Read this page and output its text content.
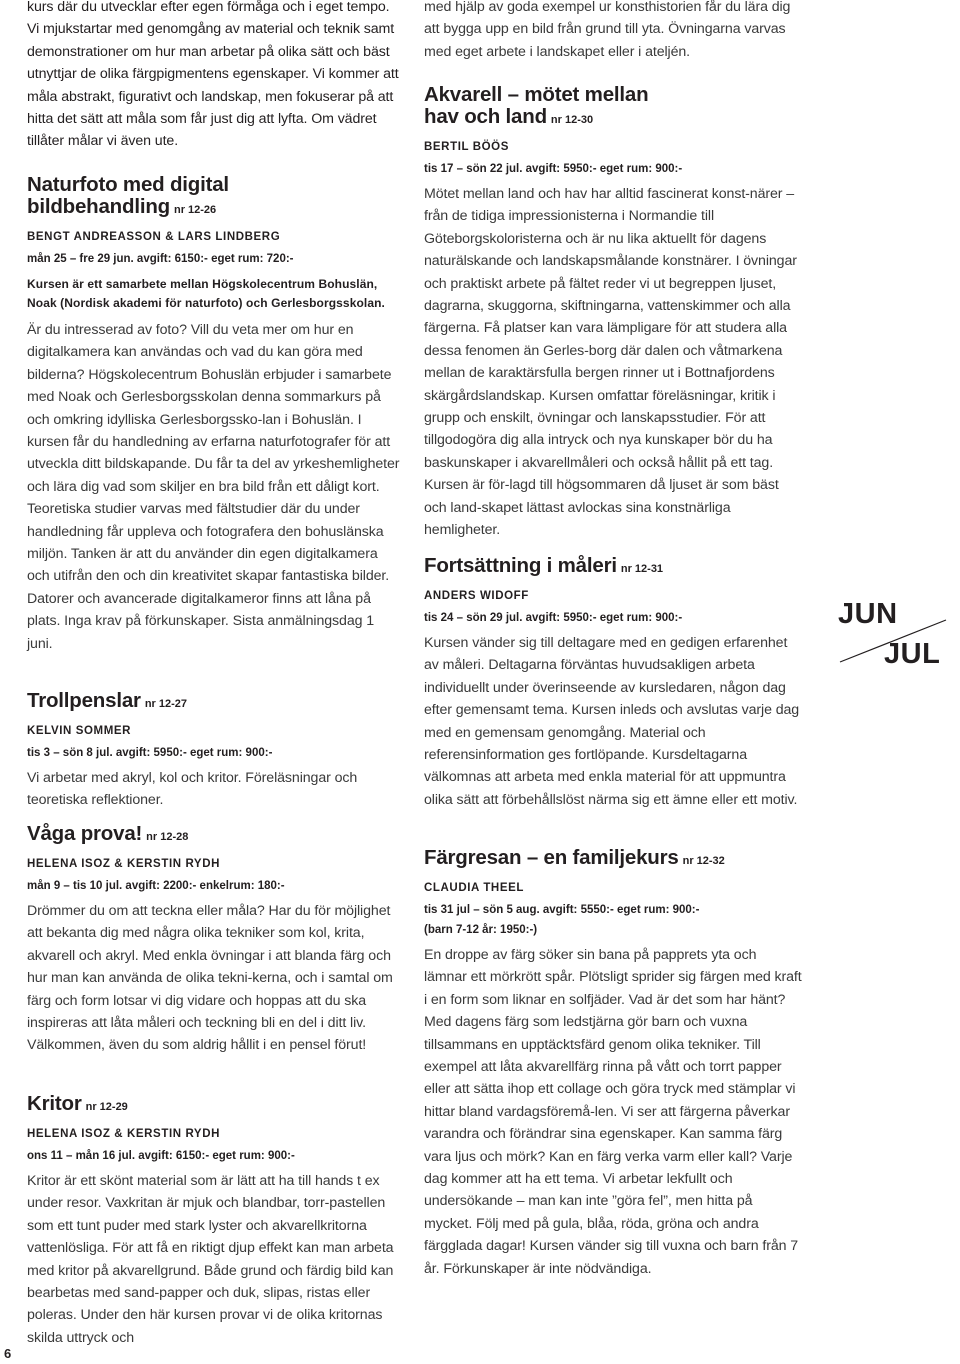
kurs där du utvecklar efter egen förmåga och i eget tempo. Vi mjukstartar med genomgång av material och teknik samt demonstrationer om hur man arbetar på olika sätt och bäst utnyttjar de olika färgpigmentens egenskaper. Vi kommer att måla abstrakt, figurativt och landskap, men fokuserar på att hitta det sätt att måla som får just dig att lyfta. Om vädret tillåter målar vi även ute.

Naturfoto med digital
bildbehandling nr 12-26

BENGT ANDREASSON & LARS LINDBERG

mån 25 – fre 29 jun. avgift: 6150:- eget rum: 720:-

Kursen är ett samarbete mellan Högskolecentrum Bohuslän, Noak (Nordisk akademi för naturfoto) och Gerlesborgsskolan.

Är du intresserad av foto? Vill du veta mer om hur en digitalkamera kan användas och vad du kan göra med bilderna? Högskolecentrum Bohuslän erbjuder i samarbete med Noak och Gerlesborgsskolan denna sommarkurs på och omkring idylliska Gerlesborgssko-lan i Bohuslän. I kursen får du handledning av erfarna naturfotografer för att utveckla ditt bildskapande. Du får ta del av yrkeshemligheter och lära dig vad som skiljer en bra bild från ett dåligt kort. Teoretiska studier varvas med fältstudier där du under handledning får uppleva och fotografera den bohuslänska miljön. Tanken är att du använder din egen digitalkamera och utifrån den och din kreativitet skapar fantastiska bilder. Datorer och avancerade digitalkameror finns att låna på plats. Inga krav på förkunskaper. Sista anmälningsdag 1 juni.

Trollpenslar nr 12-27

KELVIN SOMMER

tis 3 – sön 8 jul. avgift: 5950:- eget rum: 900:-

Vi arbetar med akryl, kol och kritor. Föreläsningar och teoretiska reflektioner.

Våga prova! nr 12-28

HELENA ISOZ & KERSTIN RYDH

mån 9 – tis 10 jul. avgift: 2200:- enkelrum: 180:-

Drömmer du om att teckna eller måla? Har du för möjlighet att bekanta dig med några olika tekniker som kol, krita, akvarell och akryl. Med enkla övningar i att blanda färg och hur man kan använda de olika tekni-kerna, och i samtal om färg och form lotsar vi dig vidare och hoppas att du ska inspireras att låta måleri och teckning bli en del i ditt liv. Välkommen, även du som aldrig hållit i en pensel förut!

Kritor nr 12-29

HELENA ISOZ & KERSTIN RYDH

ons 11 – mån 16 jul. avgift: 6150:- eget rum: 900:-

Kritor är ett skönt material som är lätt att ha till hands t ex under resor. Vaxkritan är mjuk och blandbar, torr-pastellen som ett tunt puder med stark lyster och akvarellkritorna vattenlösliga. För att få en riktigt djup effekt kan man arbeta med kritor på akvarellgrund. Både grund och färdig bild kan bearbetas med sand-papper och duk, slipas, ristas eller poleras. Under den här kursen provar vi de olika kritornas skilda uttryck och

med hjälp av goda exempel ur konsthistorien får du lära dig att bygga upp en bild från grund till yta. Övningarna varvas med eget arbete i landskapet eller i ateljén.

Akvarell – mötet mellan
hav och land nr 12-30

BERTIL BÖÖS

tis 17 – sön 22 jul. avgift: 5950:- eget rum: 900:-

Mötet mellan land och hav har alltid fascinerat konst-närer – från de tidiga impressionisterna i Normandie till Göteborgskoloristerna och är nu lika aktuellt för dagens naturälskande och landskapsmålande konstnärer. I övningar och praktiskt arbete på fältet reder vi ut begreppen ljuset, dagrarna, skuggorna, skiftningarna, vattenskimmer och alla färgerna. Få platser kan vara lämpligare för att studera alla dessa fenomen än Gerles-borg där dalen och våtmarkena mellan de karaktärsfulla bergen rinner ut i Bottnafjordens skärgårdslandskap. Kursen omfattar föreläsningar, kritik i grupp och enskilt, övningar och lanskapsstudier. För att tillgodogöra dig alla intryck och nya kunskaper bör du ha baskunskaper i akvarellmåleri och också hållit på ett tag. Kursen är för-lagd till högsommaren då ljuset är som bäst och land-skapet lättast avlockas sina konstnärliga hemligheter.

Fortsättning i måleri nr 12-31

ANDERS WIDOFF

tis 24 – sön 29 jul. avgift: 5950:- eget rum: 900:-

Kursen vänder sig till deltagare med en gedigen erfarenhet av måleri. Deltagarna förväntas huvudsakligen arbeta individuellt under överinseende av kursledaren, någon dag efter gemensamt tema. Kursen inleds och avslutas varje dag med en gemensam genomgång. Material och referensinformation ges fortlöpande. Kursdeltagarna välkomnas att arbeta med enkla material för att uppmuntra olika sätt att förbehållslöst närma sig ett ämne eller ett motiv.

Färgresan – en familjekurs nr 12-32

CLAUDIA THEEL

tis 31 jul – sön 5 aug. avgift: 5550:- eget rum: 900:-

(barn 7-12 år: 1950:-)

En droppe av färg söker sin bana på papprets yta och lämnar ett mörkrött spår. Plötsligt sprider sig färgen med kraft i en form som liknar en solfjäder. Vad är det som har hänt? Med dagens färg som ledstjärna gör barn och vuxna tillsammans en upptäcktsfärd genom olika tekniker. Till exempel att låta akvarellfärg rinna på vått och torrt papper eller att sätta ihop ett collage och göra tryck med stämplar vi hittar bland vardagsföremå-len. Vi ser att färgerna påverkar varandra och förändrar sina egenskaper. Kan samma färg vara ljus och mörk? Kan en färg verka varm eller kall? Varje dag kommer att ha ett tema. Vi arbetar lekfullt och undersökande – man kan inte ”göra fel”, men hitta på mycket. Följ med på gula, blåa, röda, gröna och andra färgglada dagar! Kursen vänder sig till vuxna och barn från 7 år. Förkunskaper är inte nödvändiga.

JUN
JUL
6
